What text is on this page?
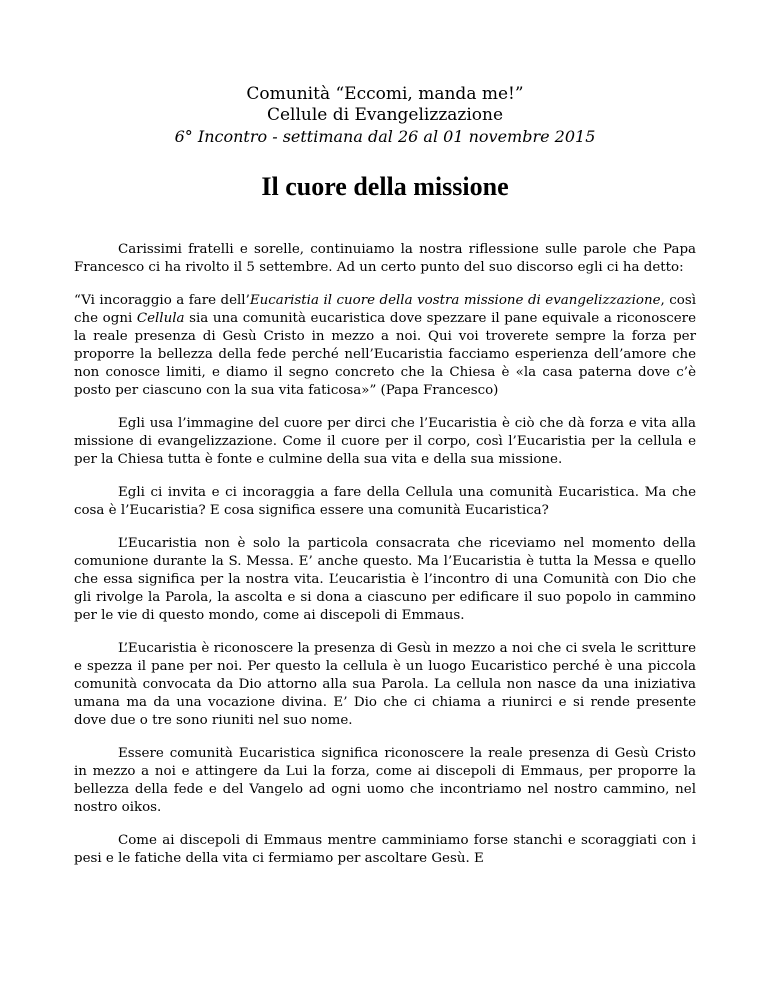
Comunità “Eccomi, manda me!”

Cellule di Evangelizzazione

6° Incontro - settimana dal 26 al 01 novembre 2015

Il cuore della missione

Carissimi fratelli e sorelle, continuiamo la nostra riflessione sulle parole che Papa Francesco ci ha rivolto il 5 settembre. Ad un certo punto del suo discorso egli ci ha detto:

“Vi incoraggio a fare dell’Eucaristia il cuore della vostra missione di evangelizzazione, così che ogni Cellula sia una comunità eucaristica dove spezzare il pane equivale a riconoscere la reale presenza di Gesù Cristo in mezzo a noi. Qui voi troverete sempre la forza per proporre la bellezza della fede perché nell’Eucaristia facciamo esperienza dell’amore che non conosce limiti, e diamo il segno concreto che la Chiesa è «la casa paterna dove c’è posto per ciascuno con la sua vita faticosa»” (Papa Francesco)

Egli usa l’immagine del cuore per dirci che l’Eucaristia è ciò che dà forza e vita alla missione di evangelizzazione. Come il cuore per il corpo, così l’Eucaristia per la cellula e per la Chiesa tutta è fonte e culmine della sua vita e della sua missione.

Egli ci invita e ci incoraggia a fare della Cellula una comunità Eucaristica. Ma che cosa è l’Eucaristia? E cosa significa essere una comunità Eucaristica?

L’Eucaristia non è solo la particola consacrata che riceviamo nel momento della comunione durante la S. Messa. E’ anche questo. Ma l’Eucaristia è tutta la Messa e quello che essa significa per la nostra vita. L’eucaristia è l’incontro di una Comunità con Dio che gli rivolge la Parola, la ascolta e si dona a ciascuno per edificare il suo popolo in cammino per le vie di questo mondo, come ai discepoli di Emmaus.

L’Eucaristia è riconoscere la presenza di Gesù in mezzo a noi che ci svela le scritture e spezza il pane per noi. Per questo la cellula è un luogo Eucaristico perché è una piccola comunità convocata da Dio attorno alla sua Parola. La cellula non nasce da una iniziativa umana ma da una vocazione divina. E’ Dio che ci chiama a riunirci e si rende presente dove due o tre sono riuniti nel suo nome.

Essere comunità Eucaristica significa riconoscere la reale presenza di Gesù Cristo in mezzo a noi e attingere da Lui la forza, come ai discepoli di Emmaus, per proporre la bellezza della fede e del Vangelo ad ogni uomo che incontriamo nel nostro cammino, nel nostro oikos.

Come ai discepoli di Emmaus mentre camminiamo forse stanchi e scoraggiati con i pesi e le fatiche della vita ci fermiamo per ascoltare Gesù. E
